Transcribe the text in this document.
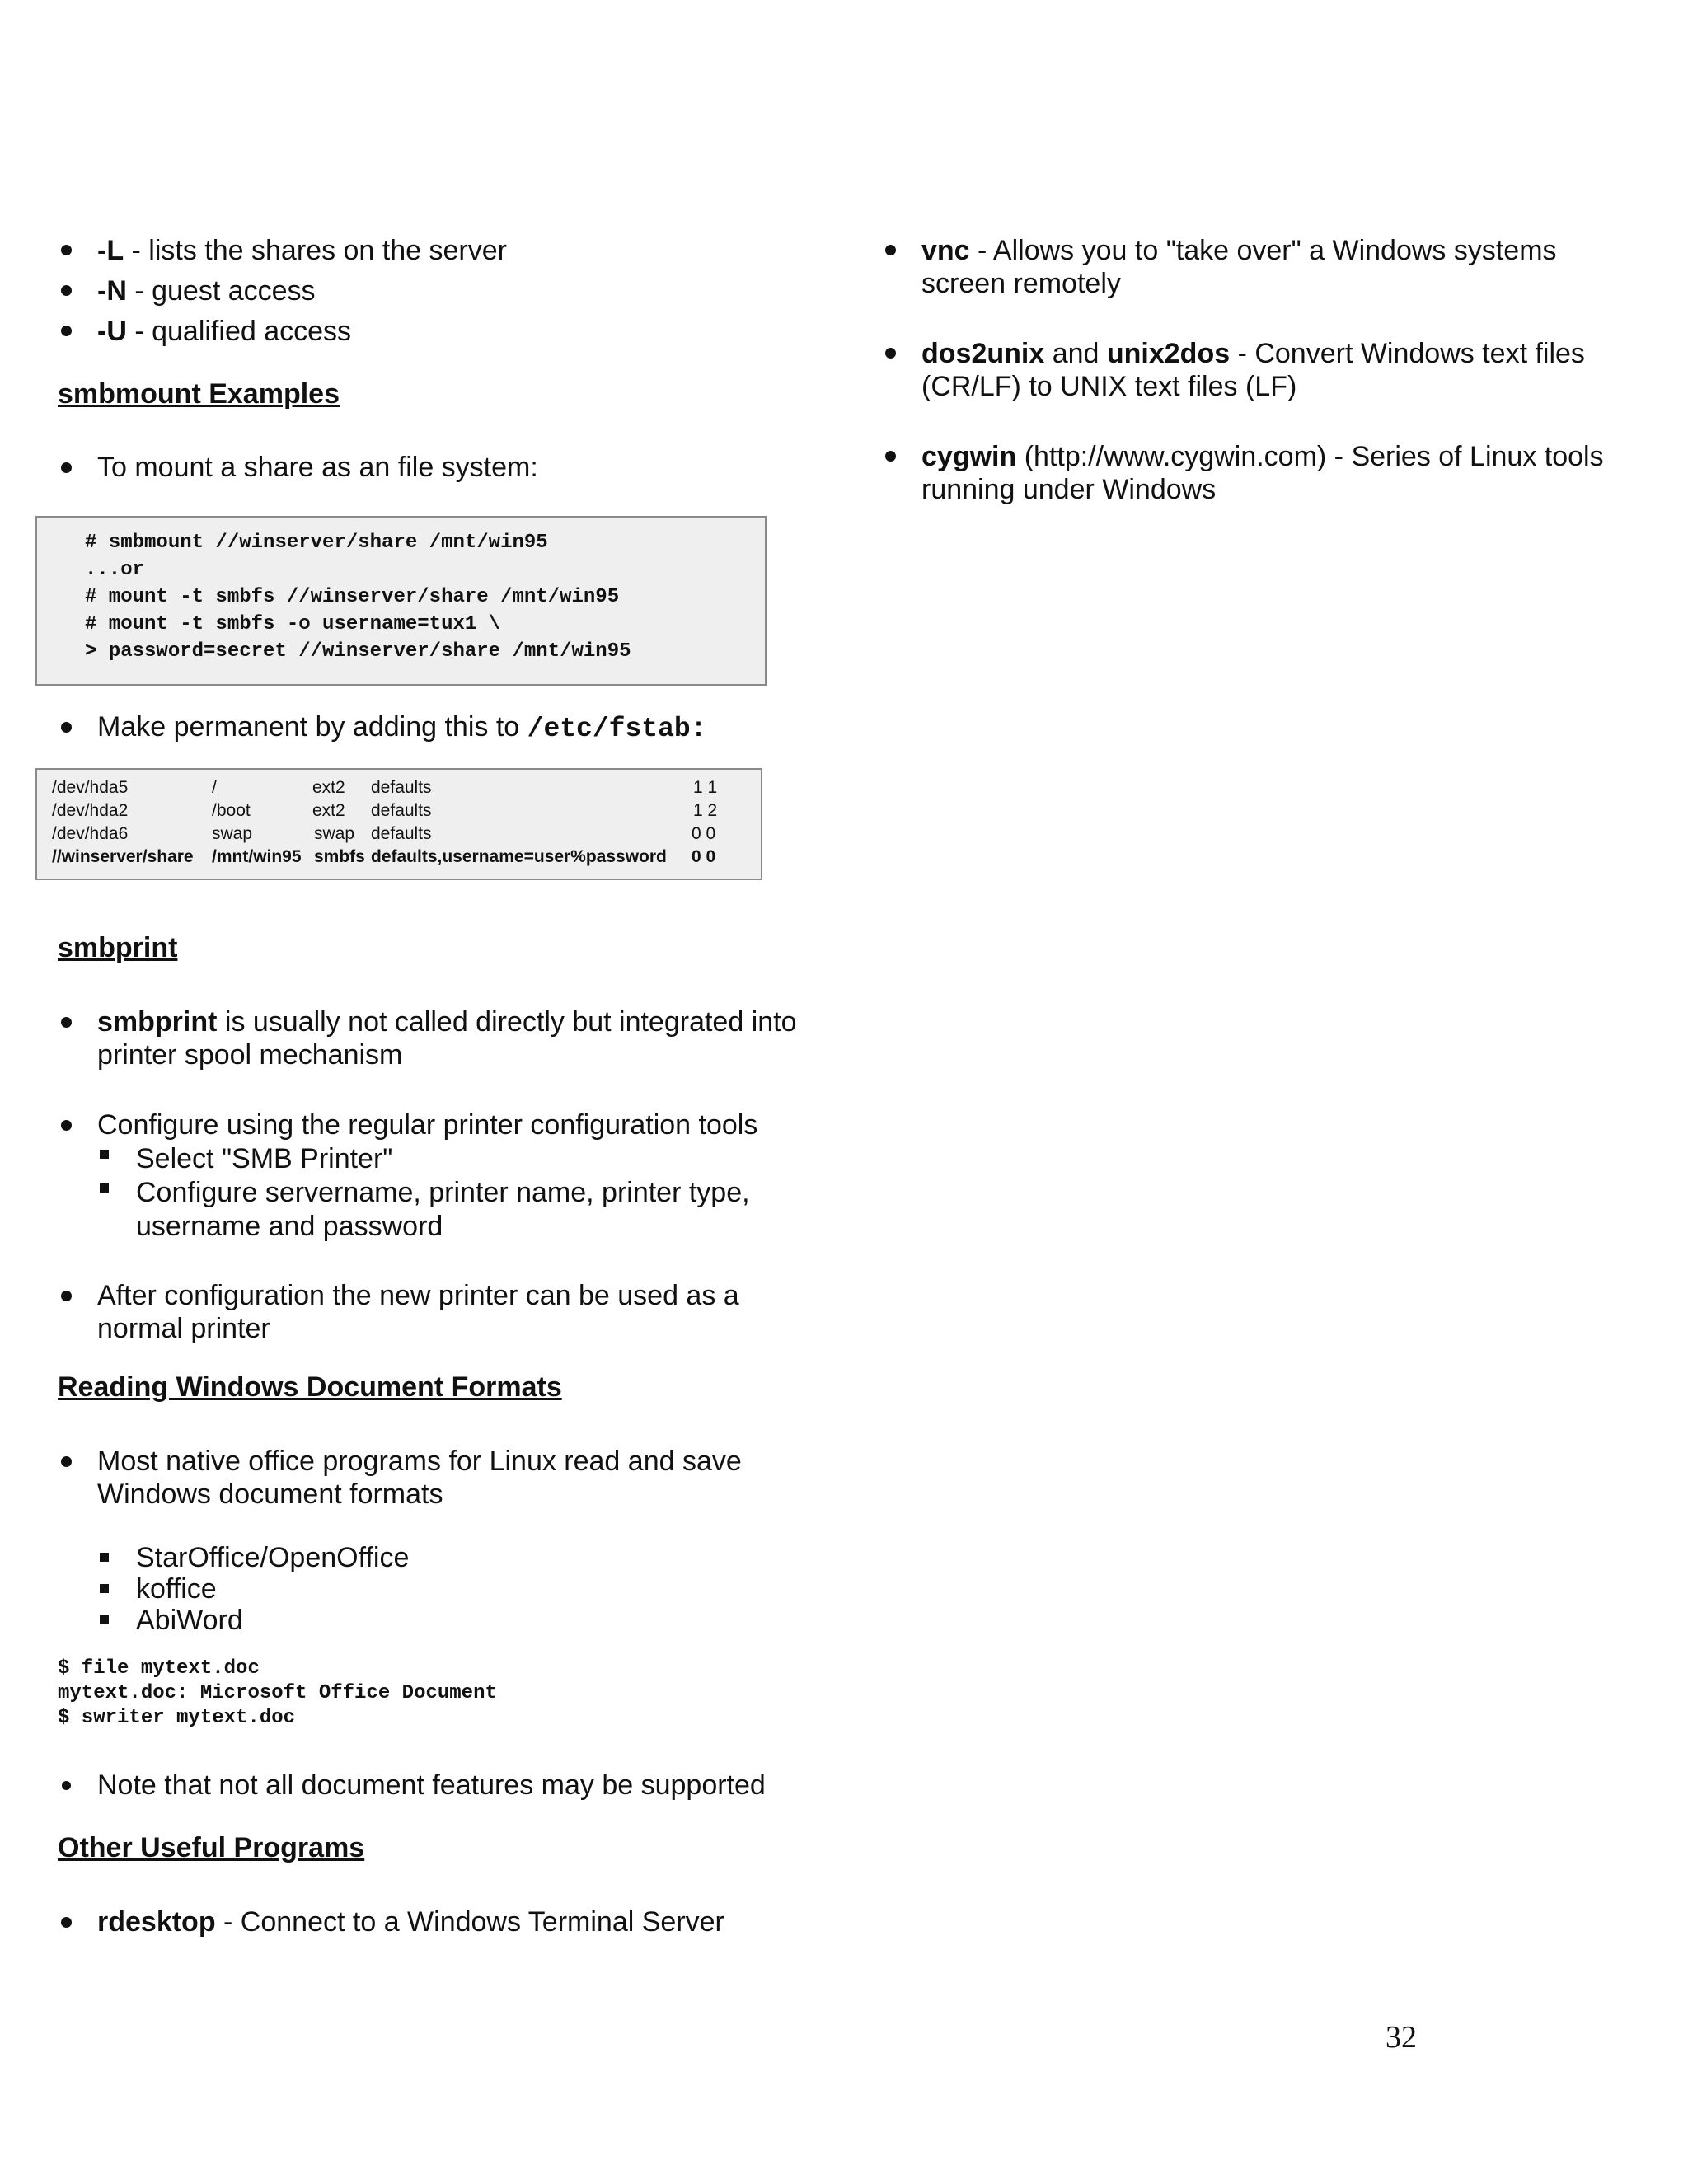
-L - lists the shares on the server
-N - guest access
-U - qualified access
smbmount Examples
To mount a share as an file system:
# smbmount //winserver/share /mnt/win95
...or
# mount -t smbfs //winserver/share /mnt/win95
# mount -t smbfs -o username=tux1 \
> password=secret //winserver/share /mnt/win95
Make permanent by adding this to /etc/fstab:
/dev/hda5	/	ext2 defaults	1 1
/dev/hda2	/boot	ext2 defaults	1 2
/dev/hda6	swap	swap defaults	0 0
//winserver/share /mnt/win95 smbfs defaults,username=user%password 0 0
smbprint
smbprint is usually not called directly but integrated into
printer spool mechanism
Configure using the regular printer configuration tools
Select "SMB Printer"
Configure servername, printer name, printer type,
username and password
After configuration the new printer can be used as a
normal printer
Reading Windows Document Formats
Most native office programs for Linux read and save
Windows document formats
StarOffice/OpenOffice
koffice
AbiWord
$ file mytext.doc
mytext.doc: Microsoft Office Document
$ swriter mytext.doc
Note that not all document features may be supported
Other Useful Programs
rdesktop - Connect to a Windows Terminal Server
vnc - Allows you to "take over" a Windows systems
screen remotely
dos2unix and unix2dos - Convert Windows text files
(CR/LF) to UNIX text files (LF)
cygwin (http://www.cygwin.com) - Series of Linux tools
running under Windows
32
